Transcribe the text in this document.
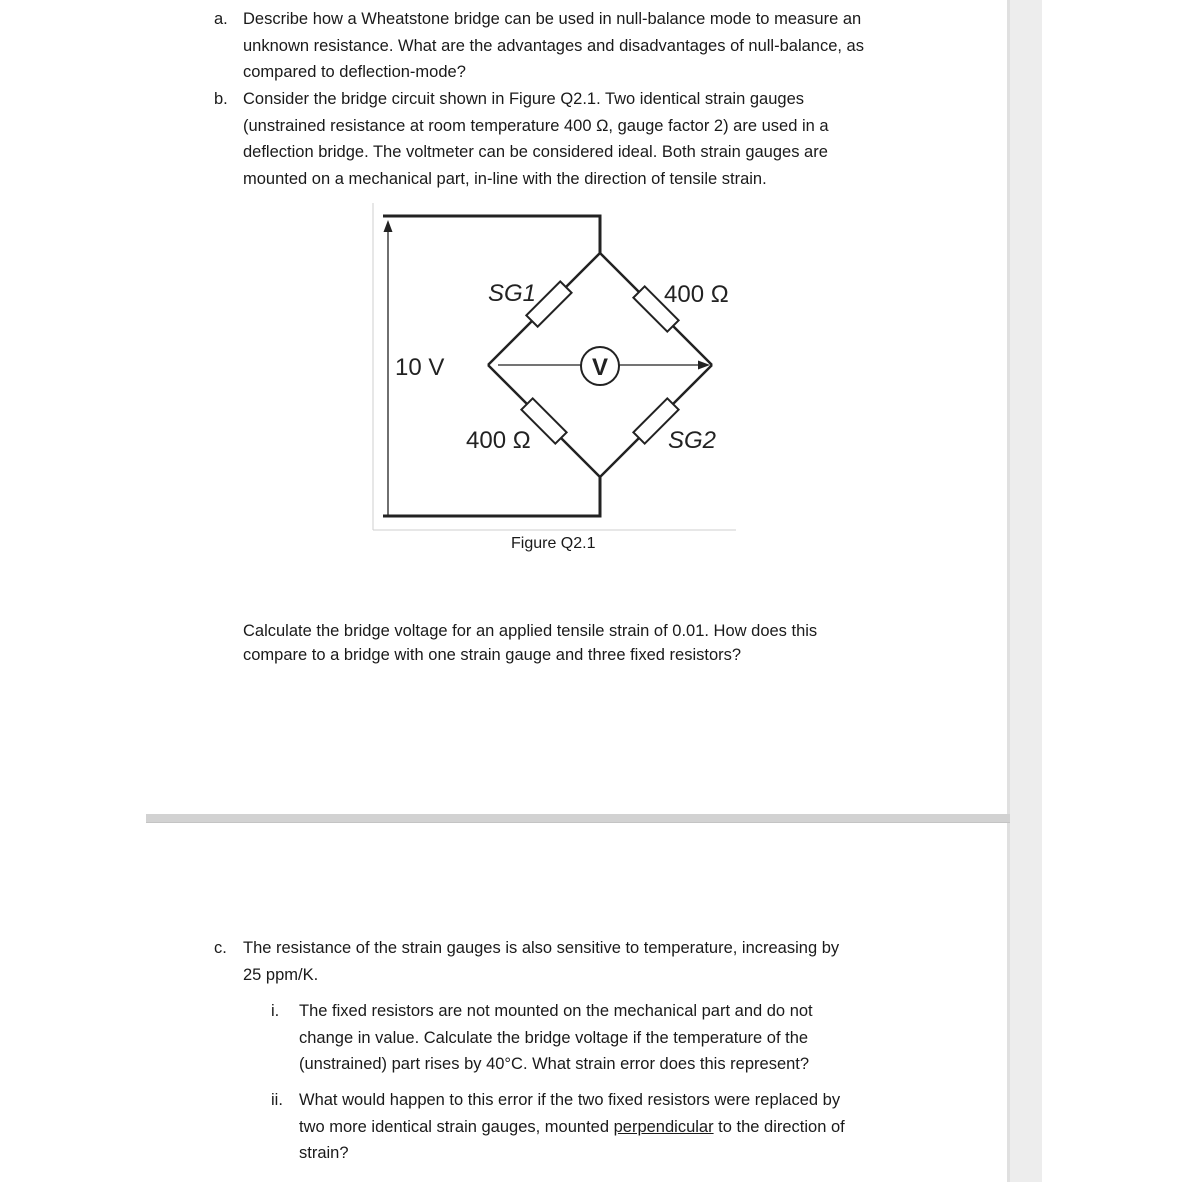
a. Describe how a Wheatstone bridge can be used in null-balance mode to measure an
unknown resistance. What are the advantages and disadvantages of null-balance, as
compared to deflection-mode?
b. Consider the bridge circuit shown in Figure Q2.1. Two identical strain gauges
(unstrained resistance at room temperature 400 Ω, gauge factor 2) are used in a
deflection bridge. The voltmeter can be considered ideal. Both strain gauges are
mounted on a mechanical part, in-line with the direction of tensile strain.
V
10 V
SG1	400 Ω
400 Ω	SG2
Figure Q2.1
Calculate the bridge voltage for an applied tensile strain of 0.01. How does this
compare to a bridge with one strain gauge and three fixed resistors?
c. The resistance of the strain gauges is also sensitive to temperature, increasing by
25 ppm/K.
i. The fixed resistors are not mounted on the mechanical part and do not
change in value. Calculate the bridge voltage if the temperature of the
(unstrained) part rises by 40°C. What strain error does this represent?
ii. What would happen to this error if the two fixed resistors were replaced by
two more identical strain gauges, mounted perpendicular to the direction of
strain?
